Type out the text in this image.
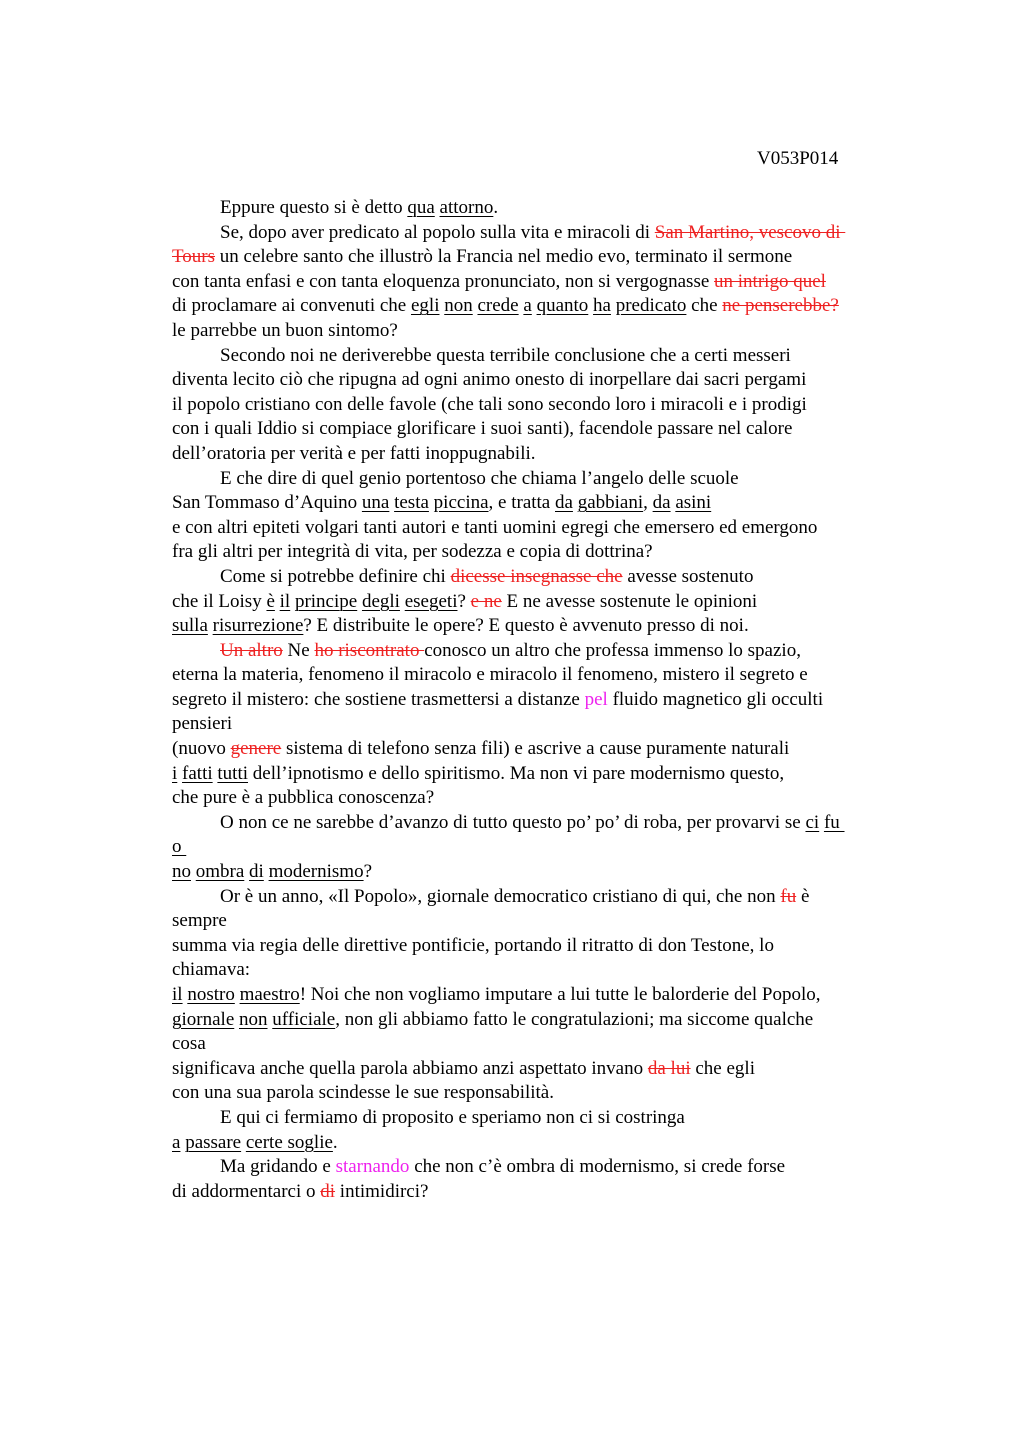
V053P014
Eppure questo si è detto qua attorno.
Se, dopo aver predicato al popolo sulla vita e miracoli di San Martino, vescovo di
Tours un celebre santo che illustrò la Francia nel medio evo, terminato il sermone
con tanta enfasi e con tanta eloquenza pronunciato, non si vergognasse un intrigo quel
di proclamare ai convenuti che egli non crede a quanto ha predicato che ne penserebbe?
le parrebbe un buon sintomo?
Secondo noi ne deriverebbe questa terribile conclusione che a certi messeri
diventa lecito ciò che ripugna ad ogni animo onesto di inorpellare dai sacri pergami
il popolo cristiano con delle favole (che tali sono secondo loro i miracoli e i prodigi
con i quali Iddio si compiace glorificare i suoi santi), facendole passare nel calore
dell’oratoria per verità e per fatti inoppugnabili.
E che dire di quel genio portentoso che chiama l’angelo delle scuole
San Tommaso d’Aquino una testa piccina, e tratta da gabbiani, da asini
e con altri epiteti volgari tanti autori e tanti uomini egregi che emersero ed emergono
fra gli altri per integrità di vita, per sodezza e copia di dottrina?
Come si potrebbe definire chi dicesse insegnasse che avesse sostenuto
che il Loisy è il principe degli esegeti? e ne E ne avesse sostenute le opinioni
sulla risurrezione? E distribuite le opere? E questo è avvenuto presso di noi.
Un altro Ne ho riscontrato conosco un altro che professa immenso lo spazio,
eterna la materia, fenomeno il miracolo e miracolo il fenomeno, mistero il segreto e
segreto il mistero: che sostiene trasmettersi a distanze pel fluido magnetico gli occulti
pensieri
(nuovo genere sistema di telefono senza fili) e ascrive a cause puramente naturali
i fatti tutti dell’ipnotismo e dello spiritismo. Ma non vi pare modernismo questo,
che pure è a pubblica conoscenza?
O non ce ne sarebbe d’avanzo di tutto questo po’ po’ di roba, per provarvi se ci fu
o
no ombra di modernismo?
Or è un anno, «Il Popolo», giornale democratico cristiano di qui, che non fu è
sempre
summa via regia delle direttive pontificie, portando il ritratto di don Testone, lo
chiamava:
il nostro maestro! Noi che non vogliamo imputare a lui tutte le balorderie del Popolo,
giornale non ufficiale, non gli abbiamo fatto le congratulazioni; ma siccome qualche
cosa
significava anche quella parola abbiamo anzi aspettato invano da lui che egli
con una sua parola scindesse le sue responsabilità.
E qui ci fermiamo di proposito e speriamo non ci si costringa
a passare certe soglie.
Ma gridando e starnando che non c’è ombra di modernismo, si crede forse
di addormentarci o di intimidirci?
